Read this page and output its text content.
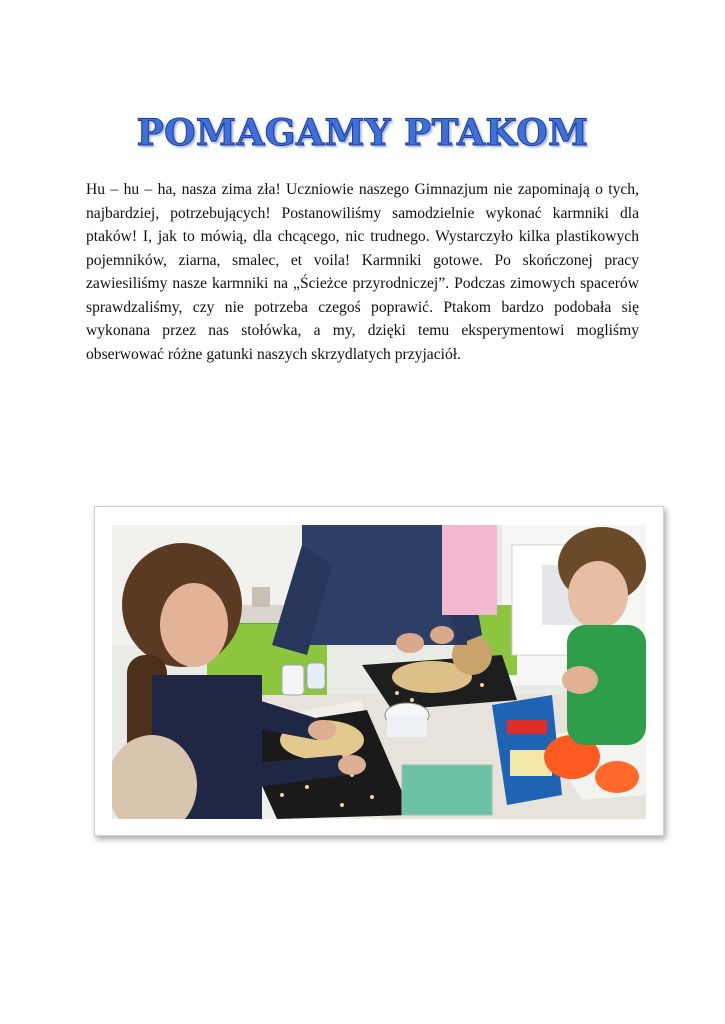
POMAGAMY PTAKOM

Hu – hu – ha, nasza zima zła! Uczniowie naszego Gimnazjum nie zapominają o tych, najbardziej, potrzebujących! Postanowiliśmy samodzielnie wykonać karmniki dla ptaków! I, jak to mówią, dla chcącego, nic trudnego. Wystarczyło kilka plastikowych pojemników, ziarna, smalec, et voila! Karmniki gotowe. Po skończonej pracy zawiesiliśmy nasze karmniki na „Ścieżce przyrodniczej”. Podczas zimowych spacerów sprawdzaliśmy, czy nie potrzeba czegoś poprawić. Ptakom bardzo podobała się wykonana przez nas stołówka, a my, dzięki temu eksperymentowi mogliśmy obserwować różne gatunki naszych skrzydlatych przyjaciół.
